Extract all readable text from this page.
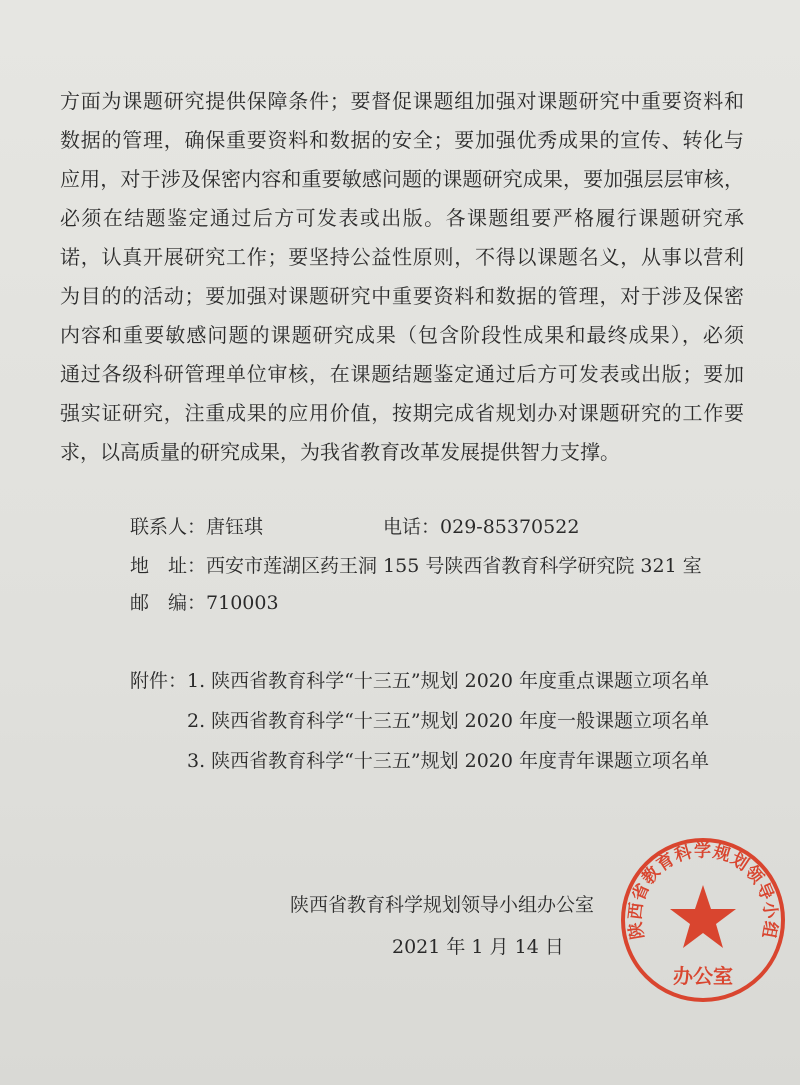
方面为课题研究提供保障条件；要督促课题组加强对课题研究中重要资料和
数据的管理，确保重要资料和数据的安全；要加强优秀成果的宣传、转化与
应用，对于涉及保密内容和重要敏感问题的课题研究成果，要加强层层审核，
必须在结题鉴定通过后方可发表或出版。各课题组要严格履行课题研究承
诺，认真开展研究工作；要坚持公益性原则，不得以课题名义，从事以营利
为目的的活动；要加强对课题研究中重要资料和数据的管理，对于涉及保密
内容和重要敏感问题的课题研究成果（包含阶段性成果和最终成果），必须
通过各级科研管理单位审核，在课题结题鉴定通过后方可发表或出版；要加
强实证研究，注重成果的应用价值，按期完成省规划办对课题研究的工作要
求，以高质量的研究成果，为我省教育改革发展提供智力支撑。
联系人：唐钰琪	电话：029-85370522
地　址：西安市莲湖区药王洞 155 号陕西省教育科学研究院 321 室
邮　编：710003
附件： 1. 陕西省教育科学“十三五”规划 2020 年度重点课题立项名单
2. 陕西省教育科学“十三五”规划 2020 年度一般课题立项名单
3. 陕西省教育科学“十三五”规划 2020 年度青年课题立项名单
陕西省教育科学规划领导小组
办公室
陕西省教育科学规划领导小组办公室
2021 年 1 月 14 日
